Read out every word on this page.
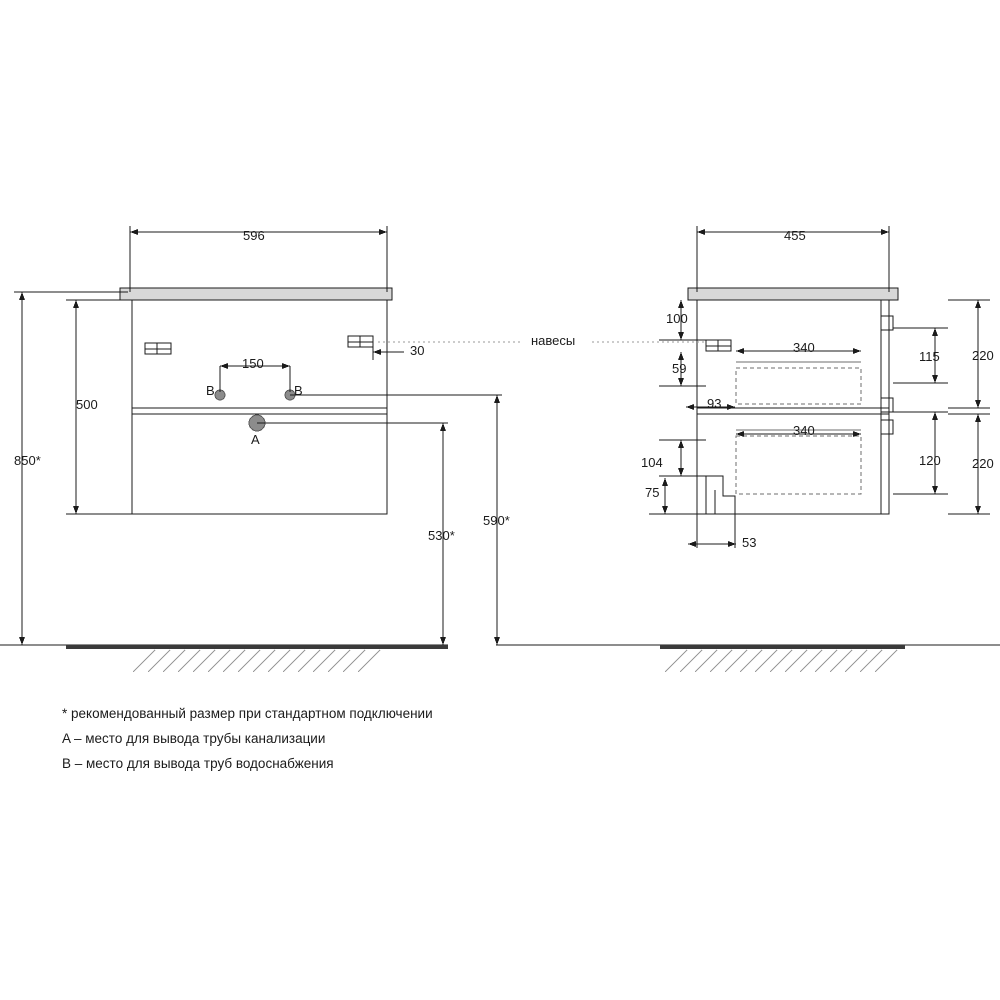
596
500
850*
150
30
530*
590*
B	B
A
навесы
455
100
59
93
340
340
115
120
220
220
104
75
53
* рекомендованный размер при стандартном подключении
A – место для вывода трубы канализации
B – место для вывода труб водоснабжения
